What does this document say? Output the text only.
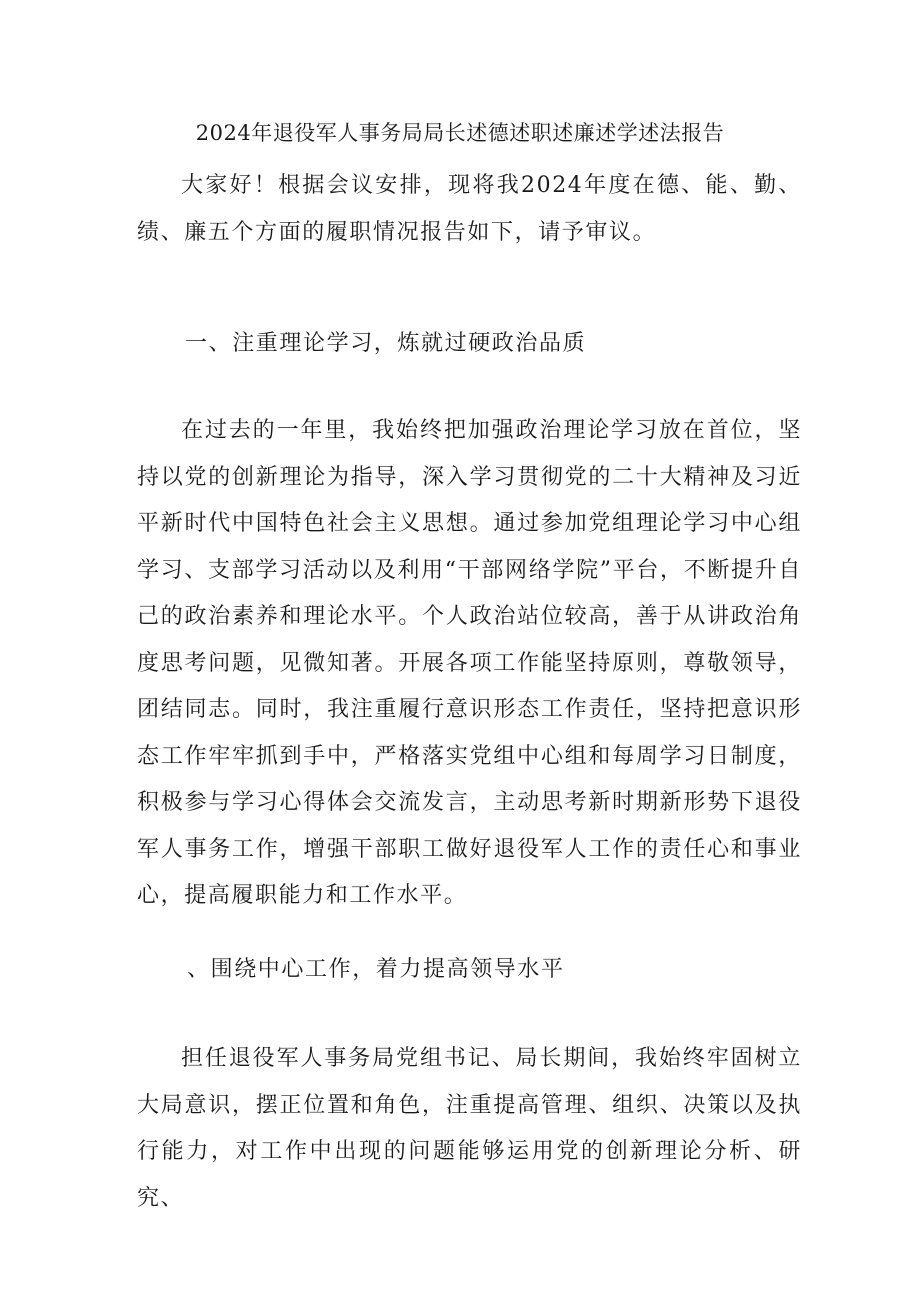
2024年退役军人事务局局长述德述职述廉述学述法报告

大家好！根据会议安排，现将我2024年度在德、能、勤、绩、廉五个方面的履职情况报告如下，请予审议。

一、注重理论学习，炼就过硬政治品质

在过去的一年里，我始终把加强政治理论学习放在首位，坚持以党的创新理论为指导，深入学习贯彻党的二十大精神及习近平新时代中国特色社会主义思想。通过参加党组理论学习中心组学习、支部学习活动以及利用“干部网络学院”平台，不断提升自己的政治素养和理论水平。个人政治站位较高，善于从讲政治角度思考问题，见微知著。开展各项工作能坚持原则，尊敬领导，团结同志。同时，我注重履行意识形态工作责任，坚持把意识形态工作牢牢抓到手中，严格落实党组中心组和每周学习日制度，积极参与学习心得体会交流发言，主动思考新时期新形势下退役军人事务工作，增强干部职工做好退役军人工作的责任心和事业心，提高履职能力和工作水平。

、围绕中心工作，着力提高领导水平

担任退役军人事务局党组书记、局长期间，我始终牢固树立大局意识，摆正位置和角色，注重提高管理、组织、决策以及执行能力，对工作中出现的问题能够运用党的创新理论分析、研究、
